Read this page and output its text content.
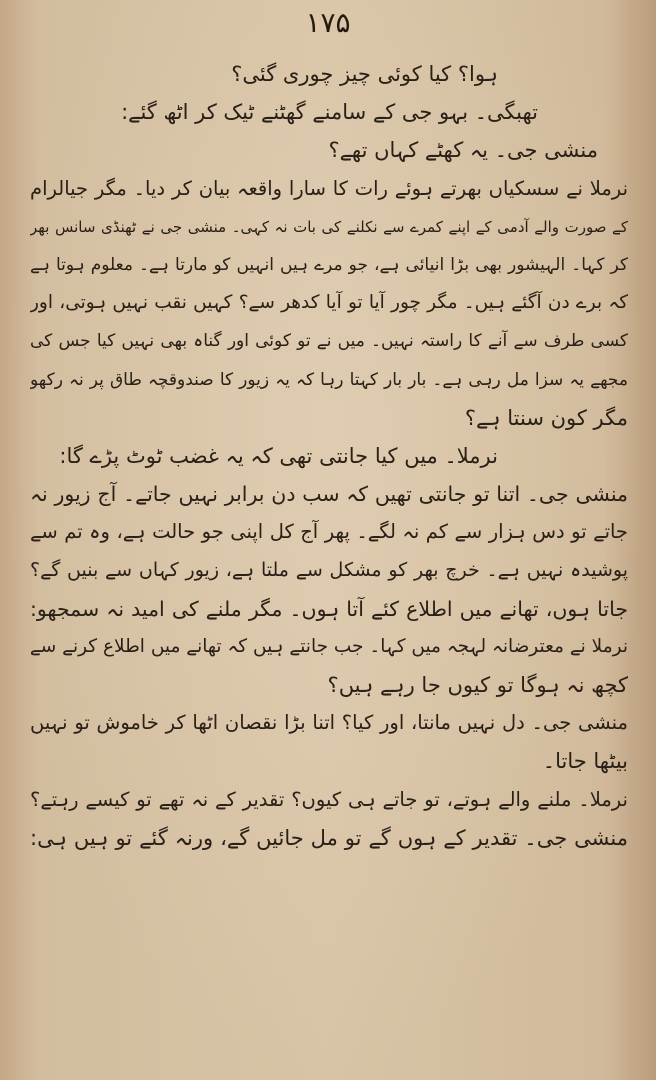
۱۷۵
ہوا؟ کیا کوئی چیز چوری گئی؟
تھبگی۔ بہو جی کے سامنے گھٹنے ٹیک کر اٹھ گئے:
منشی جی۔ یہ کھٹے کہاں تھے؟
نرملا نے سسکیاں بھرتے ہوئے رات کا سارا واقعہ بیان کر دیا۔ مگر جیالرام
کے صورت والے آدمی کے اپنے کمرے سے نکلنے کی بات نہ کہی۔ منشی جی نے ٹھنڈی سانس بھر
کر کہا۔ الہیشور بھی بڑا انیائی ہے، جو مرے ہیں انہیں کو مارتا ہے۔ معلوم ہوتا ہے
کہ برے دن آگئے ہیں۔ مگر چور آیا تو آیا کدھر سے؟ کہیں نقب نہیں ہوتی، اور
کسی طرف سے آنے کا راستہ نہیں۔ میں نے تو کوئی اور گناہ بھی نہیں کیا جس کی
مجھے یہ سزا مل رہی ہے۔ بار بار کہتا رہا کہ یہ زیور کا صندوقچہ طاق پر نہ رکھو
مگر کون سنتا ہے؟
نرملا۔ میں کیا جانتی تھی کہ یہ غضب ٹوٹ پڑے گا:
منشی جی۔ اتنا تو جانتی تھیں کہ سب دن برابر نہیں جاتے۔ آج زیور نہ
جاتے تو دس ہزار سے کم نہ لگے۔ پھر آج کل اپنی جو حالت ہے، وہ تم سے
پوشیدہ نہیں ہے۔ خرچ بھر کو مشکل سے ملتا ہے، زیور کہاں سے بنیں گے؟
جاتا ہوں، تھانے میں اطلاع کئے آتا ہوں۔ مگر ملنے کی امید نہ سمجھو:
نرملا نے معترضانہ لہجہ میں کہا۔ جب جانتے ہیں کہ تھانے میں اطلاع کرنے سے
کچھ نہ ہوگا تو کیوں جا رہے ہیں؟
منشی جی۔ دل نہیں مانتا، اور کیا؟ اتنا بڑا نقصان اٹھا کر خاموش تو نہیں
بیٹھا جاتا۔
نرملا۔ ملنے والے ہوتے، تو جاتے ہی کیوں؟ تقدیر کے نہ تھے تو کیسے رہتے؟
منشی جی۔ تقدیر کے ہوں گے تو مل جائیں گے، ورنہ گئے تو ہیں ہی:
